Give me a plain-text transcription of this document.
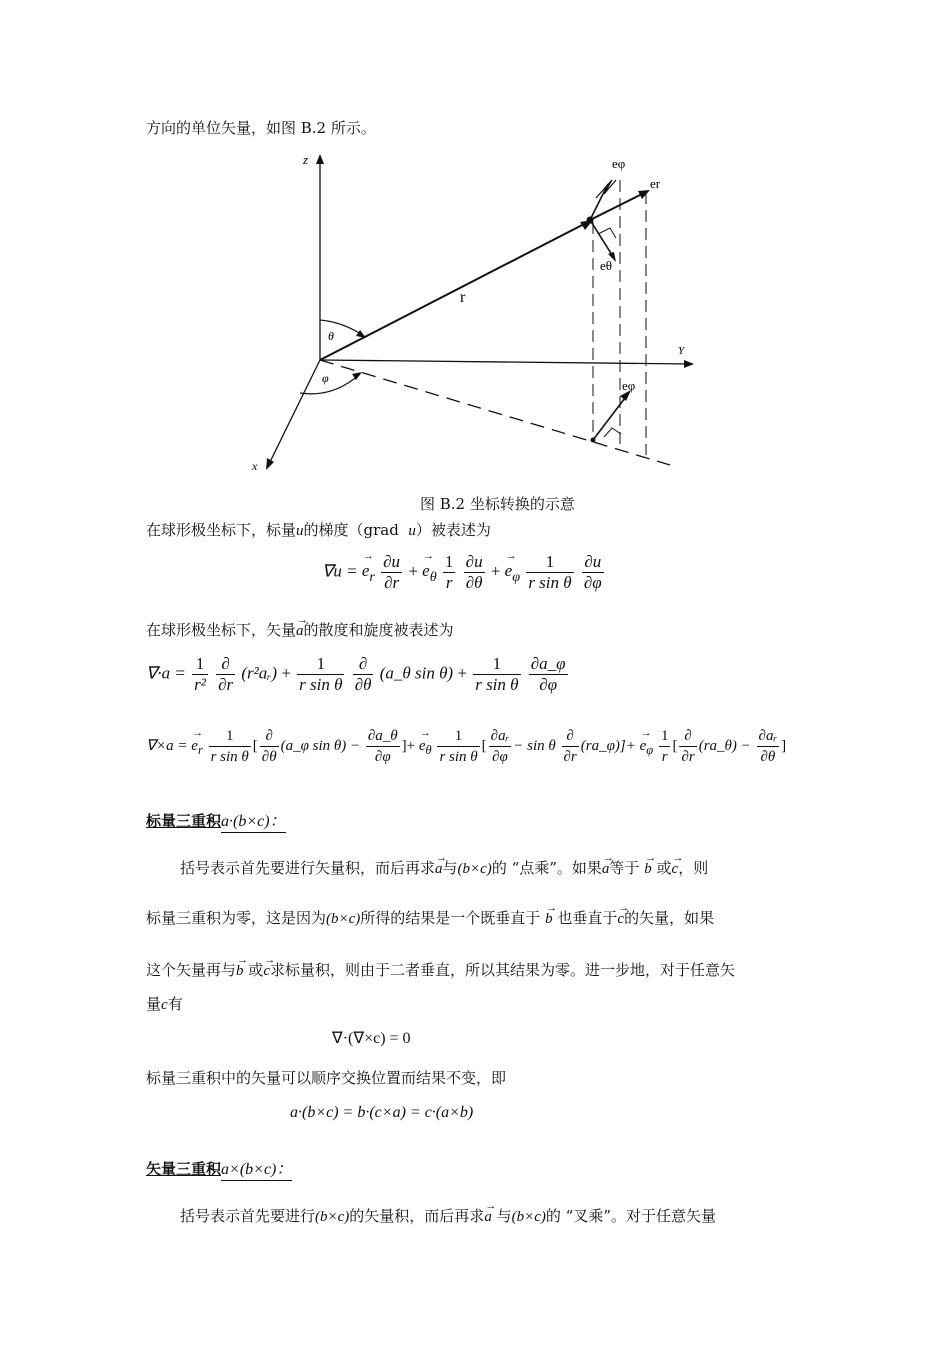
方向的单位矢量，如图 B.2 所示。
z
Y
x
r
θ
φ
er
eθ
eφ
eφ
图 B.2 坐标转换的示意
在球形极坐标下，标量u的梯度（grad u）被表述为
∇u = → $e_r \frac{\partial u}{\partial r}$ + → $e_\theta \frac{1}{r}$
$\frac{\partial u}{\partial\theta}$ + → $e_\varphi \frac{1}{\text{r sin θ}}$
$\frac{\partial u}{\partial\varphi}$
在球形极坐标下，矢量→ a的散度和旋度被表述为
$\nabla\cdot a = \frac{1}{\text{r²}}$
$\frac{\partial}{\partial r}$ (r²aᵣ) + $\frac{1}{\text{r sin θ}}$
$\frac{\partial}{\partial\theta}$ (a_θ $\sin \theta) + \frac{1}{\text{r sin θ}}$
$\frac{\partial a\_\varphi}{\partial\varphi}$
∇×a = → $e_r \frac{1}{\text{r sin θ}}$ [ $\frac{\partial}{\partial\theta}$ (a_φ $\sin \theta) - \frac{\partial a\_\theta}{\partial\varphi}$ ]+ → $e_\theta \frac{1}{\text{r sin θ}}$ [ $\frac{\text{∂aᵣ}}{\partial\varphi} - \sin \theta \frac{\partial}{\partial r}$ (ra_φ)]+ → $e_\varphi \frac{1}{r}$ [ $\frac{\partial}{\partial r}$ (ra_θ) − $\frac{\text{∂aᵣ}}{\partial\theta}$ ]
标量三重积a·(b×c)：
括号表示首先要进行矢量积，而后再求→ a与(b×c)的 “点乘”。如果→ a等于 → b 或→ c，则
标量三重积为零，这是因为(b×c)所得的结果是一个既垂直于 → b 也垂直于→ c的矢量，如果
这个矢量再与→ b 或→ c求标量积，则由于二者垂直，所以其结果为零。进一步地，对于任意矢
量c有
∇·(∇×c) = 0
标量三重积中的矢量可以顺序交换位置而结果不变，即
a·(b×c) = b·(c×a) = c·(a×b)
矢量三重积a×(b×c)：
括号表示首先要进行(b×c)的矢量积，而后再求→ a 与(b×c)的 “叉乘”。对于任意矢量
